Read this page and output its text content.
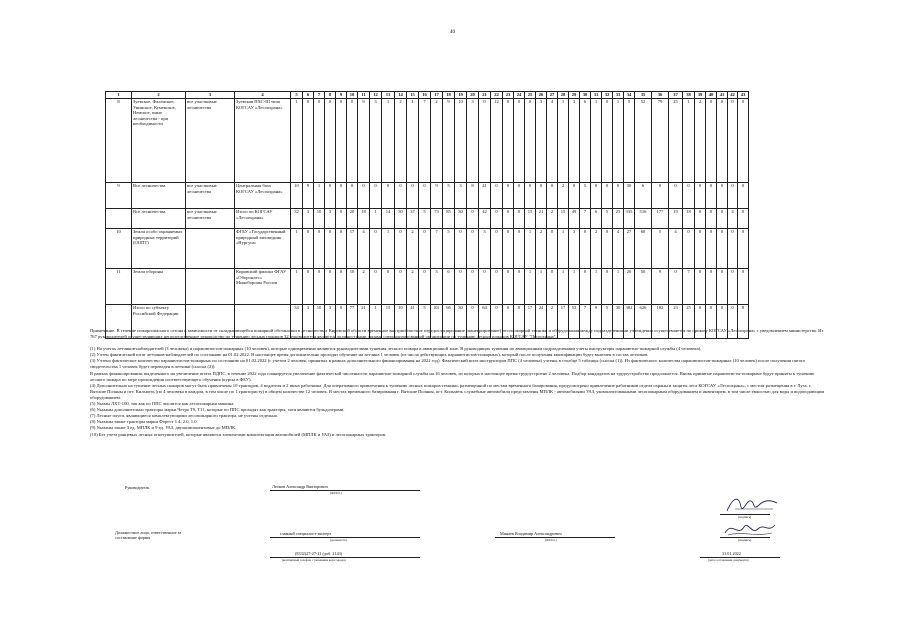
40
1	2	3	4	5	6	7	8	9	10	11	12	13	14	15	16	17	18	19	20	21	22	23	24	25	26	27	28	29	30	31	32	33	34	35	36	37	38	39	40	41	42	43
8	Зуевское, Фаленское, Унинское, Куменское, Немское, иные лесничества - при необходимости	все участковые лесничества	Зуевская ПХС-III типа КОГСАУ «Лесоохрана»	1	0	0	0	0	0	9	3	1	2	1	7	2	9	10	3	0	12	0	0	0	3	4	1	3	6	1	0	1	5	52	79	25	1	2	0	0	0	0
9	Все лесничества	все участковые лесничества	Центральная база КОГСАУ «Лесоохрана»	10	9	1	0	0	0	0	0	0	0	0	0	9	5	3	8	41	0	0	0	0	0	0	2	0	5	0	0	0	30	6	0	0	0	0	0	0	0	0
	Все лесничества	все участковые лесничества	Итого по КОГСАУ «Лесоохрана»	32	3	10	3	0	20	18	1	14	30	37	5	73	85	30	0	42	0	0	0	15	21	2	15	49	7	6	5	25	335	516	177	19	18	0	0	0	4	0
10	Земли особо охраняемых природных территорий (ООПТ)		ФГБУ «Государственный природный заповедник «Нургуш»	1	0	0	0	0	17	4	0	1	0	2	0	7	5	0	0	3	0	0	0	1	2	0	1	3	0	2	0	4	27	60	5	4	0	0	0	0	0	0
11	Земли обороны		Кировский филиал ФГАУ «Оборонлес» Минобороны России	1	0	0	0	0	10	2	0	0	0	2	0	3	6	0	0	0	0	0	0	1	1	0	1	1	0	1	0	1	20	50	9	0	7	0	0	0	0	0
	Итого по субъекту Российской Федерации			34	3	10	3	0	77	21	1	15	10	41	5	83	66	30	0	64	0	0	0	17	24	2	17	53	7	9	5	30	382	626	182	23	25	0	0	0	0	8

Примечание. В течение пожароопасного сезона в зависимости от складывающейся пожарной обстановки в лесничествах Кировской области временное внутриобластное передислоцирование (маневрирование) лесопожарной техники и оборудования между подразделениями учреждения осуществляется по приказу КОГСАУ «Лесоохрана» с уведомлением министерства. Из 767 руководителей осуществляющих непосредственное руководство по тушению лесных пожаров 32 руководителя являются должностными лицами специализированной организации по тушению лесных пожаров КОГСАУ "Лесоохрана".

(1) На учетах летчиков-наблюдателей (3 человека) и парашютистов-пожарных (10 человек), которые одновременно являются руководителями тушения лесного пожара в авиационной зоне. В руководящих тушения по авиационным подразделениям учеты инструкторы парашютно-пожарной службы (4 человека).

(2) Учтен фактический штат летчиков-наблюдателей по состоянию на 01.02.2022. В настоящее время дополнительно проходят обучение на летчика 1 человек (из числа действующих парашютистов-пожарных), который после получения квалификации будет включен в состав летчиков.

(3) Учтено фактическое количество парашютистов-пожарных по состоянию на 01.02.2022 (с учетом 2 человек, принятых в рамках дополнительного финансирования на 2022 год). Фактический штат инструкторов ППС (4 человека) учтены в столбце 5 таблицы (сноска (1)). Из фактического количества парашютистов-пожарных (10 человек) после получения пятого свидетельства 1 человек будет переведен в летчики (сноска (2)).

В рамках финансирования, выделенного на увеличение штата ПДПС, в течение 2022 года планируется увеличение фактической численности парашютно-пожарной службы на 16 человек, из которых в настоящее время трудоустроено 2 человека. Подбор кандидатов на трудоустройство продолжается. Вновь принятые парашютисты-пожарные будут приняты к тушению лесного пожара по мере прохождения соответствующего обучения (курсы в ФБУ).

(4) Дополнительно на тушение лесных пожаров могут быть привлечены 10 тракторов, 4 водителя и 2 иных работника. Для оперативного привлечения к тушению лесных пожаров техники, размещенной по местам временного базирования, предусмотрено привлечение работников отдела охраны и защиты леса КОГСАУ «Лесоохрана», с местом размещения в г. Луза, г. Вятские Поляны и пгт. Кильмезь (по 4 человека в каждом, в том числе по 1 трактористу) в общем количестве 12 человек. В местах временного базирования г. Вятские Поляны, пгт. Кильмезь служебные автомобили представлены МПЛК - автомобилями УАЗ, укомплектованными лесопожарным оборудованием и инвентарем, в том числе емкостью для воды и водоподающим оборудованием.

(5) Указан ЛХТ-100, так как по ППС числится как лесопожарная машина.

(6) Указаны дополнительно тракторы марки Четра Т9, Т11, которые по ППС проходят как тракторы, хотя являются бульдозерами.

(7) Лесные плуги, являющиеся комплектующими лесопожарного трактора, не учтены отдельно.

(8) Указаны также тракторы марки Форест 1.4, 2.0, 1.0

(9) Указаны также 3 ед. МПЛК и 9 ед. УАЗ, двухкомпонентовые до МПЛК.

(10) Без учета ранцевых лесных огнетушителей, которые являются элементами комплектации автомобилей (МПЛК и УАЗ) и лесопожарных тракторов.

Руководитель	Леонов Александр Викторович
(Ф.И.О.)
(подпись)
Должностное лицо, ответственное за составление формы
главный специалист-эксперт
(должность)
Минаев Владимир Александрович
(Ф.И.О.)	(подпись)
(8332)27-27-21 (доб. 2143)
(контактный телефон с указанием кода города)
31.01.2022
(дата составления документа)
